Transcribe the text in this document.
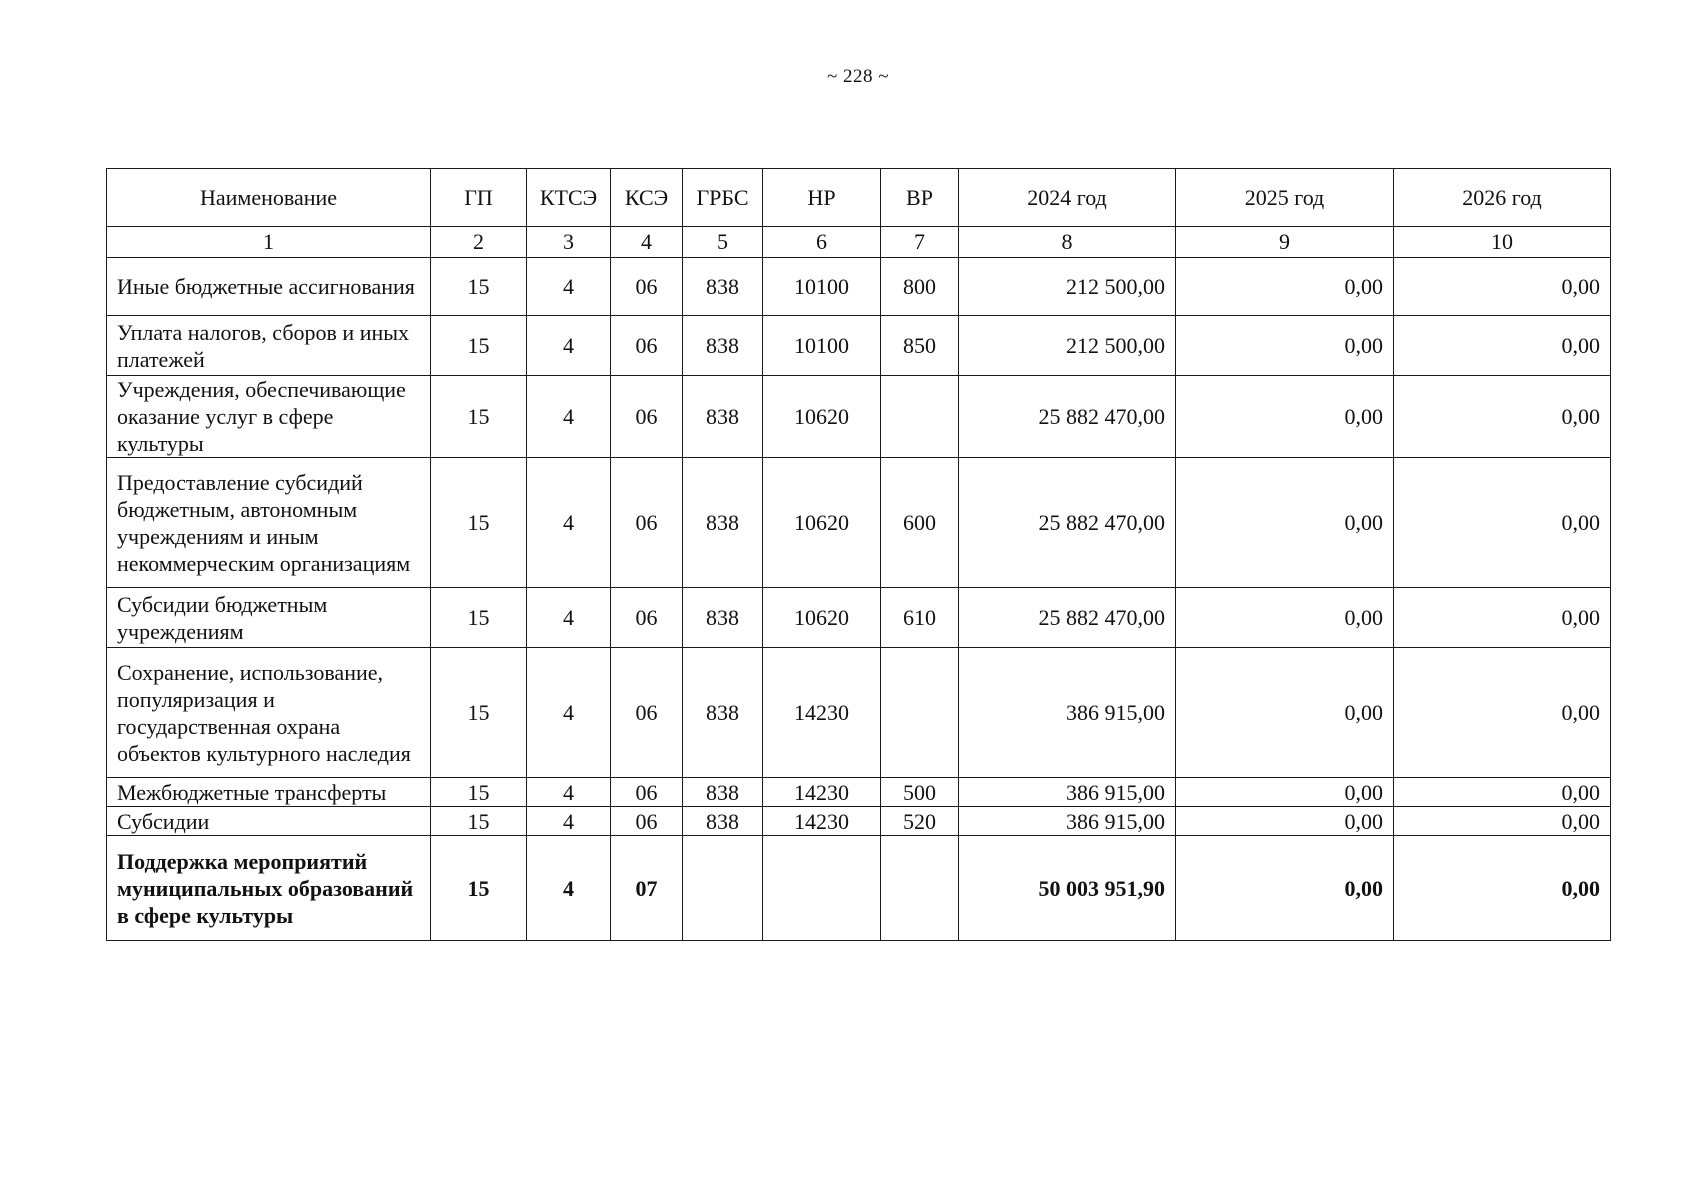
~ 228 ~
Наименование	ГП	КТСЭ	КСЭ	ГРБС	НР	ВР	2024 год	2025 год	2026 год
1	2	3	4	5	6	7	8	9	10
Иные бюджетные ассигнования	15	4	06	838	10100	800	212 500,00	0,00	0,00
Уплата налогов, сборов и иных платежей	15	4	06	838	10100	850	212 500,00	0,00	0,00
Учреждения, обеспечивающие оказание услуг в сфере культуры	15	4	06	838	10620		25 882 470,00	0,00	0,00
Предоставление субсидий бюджетным, автономным учреждениям и иным некоммерческим организациям	15	4	06	838	10620	600	25 882 470,00	0,00	0,00
Субсидии бюджетным учреждениям	15	4	06	838	10620	610	25 882 470,00	0,00	0,00
Сохранение, использование, популяризация и государственная охрана объектов культурного наследия	15	4	06	838	14230		386 915,00	0,00	0,00
Межбюджетные трансферты	15	4	06	838	14230	500	386 915,00	0,00	0,00
Субсидии	15	4	06	838	14230	520	386 915,00	0,00	0,00
Поддержка мероприятий муниципальных образований в сфере культуры	15	4	07				50 003 951,90	0,00	0,00
